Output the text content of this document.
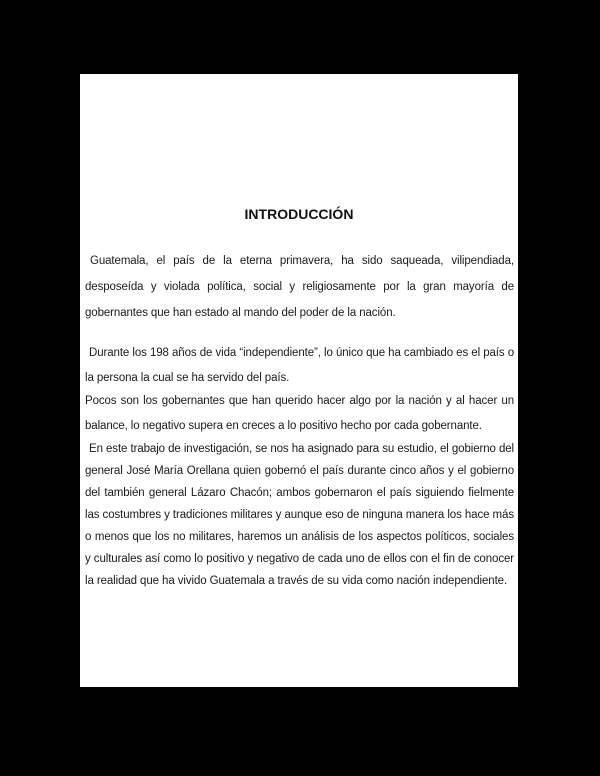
INTRODUCCIÓN

Guatemala, el país de la eterna primavera, ha sido saqueada, vilipendiada, desposeída y violada política, social y religiosamente por la gran mayoría de gobernantes que han estado al mando del poder de la nación.

Durante los 198 años de vida “independiente”, lo único que ha cambiado es el país o la persona la cual se ha servido del país.

Pocos son los gobernantes que han querido hacer algo por la nación y al hacer un balance, lo negativo supera en creces a lo positivo hecho por cada gobernante.

En este trabajo de investigación, se nos ha asignado para su estudio, el gobierno del general José María Orellana quien gobernó el país durante cinco años y el gobierno del también general Lázaro Chacón; ambos gobernaron el país siguiendo fielmente las costumbres y tradiciones militares y aunque eso de ninguna manera los hace más o menos que los no militares, haremos un análisis de los aspectos políticos, sociales y culturales así como lo positivo y negativo de cada uno de ellos con el fin de conocer la realidad que ha vivido Guatemala a través de su vida como nación independiente.
